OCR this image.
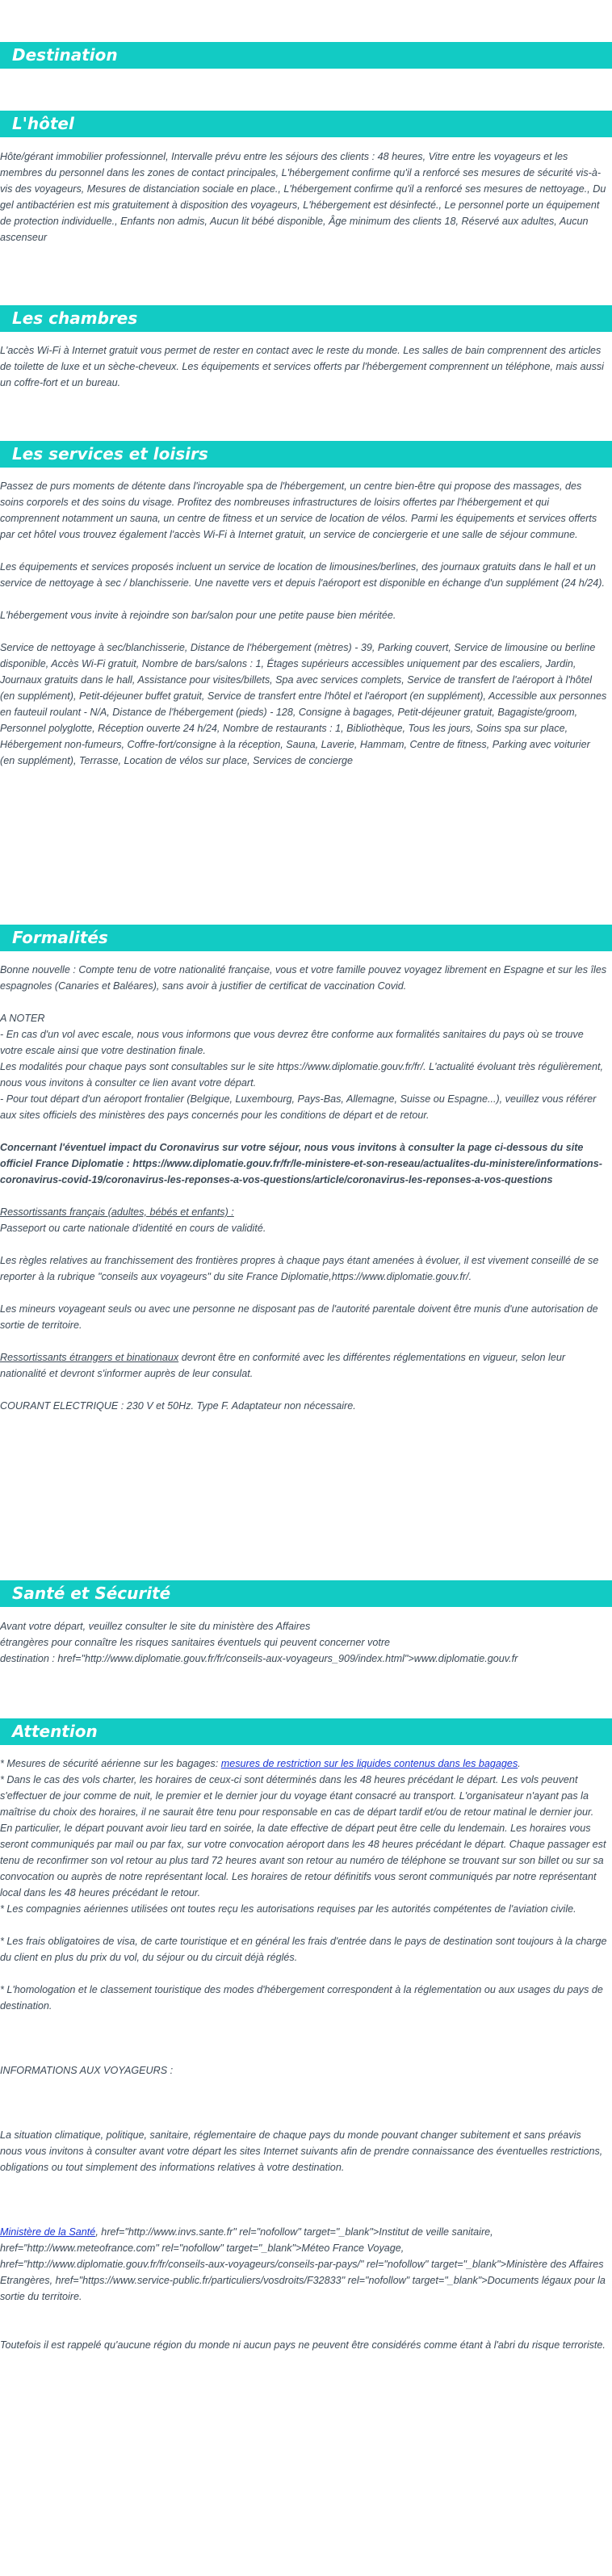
Destination
L'hôtel

Hôte/gérant immobilier professionnel, Intervalle prévu entre les séjours des clients : 48 heures, Vitre entre les voyageurs et les membres du personnel dans les zones de contact principales, L'hébergement confirme qu'il a renforcé ses mesures de sécurité vis-à-vis des voyageurs, Mesures de distanciation sociale en place., L'hébergement confirme qu'il a renforcé ses mesures de nettoyage., Du gel antibactérien est mis gratuitement à disposition des voyageurs, L'hébergement est désinfecté., Le personnel porte un équipement de protection individuelle., Enfants non admis, Aucun lit bébé disponible, Âge minimum des clients 18, Réservé aux adultes, Aucun ascenseur

Les chambres

L'accès Wi-Fi à Internet gratuit vous permet de rester en contact avec le reste du monde. Les salles de bain comprennent des articles de toilette de luxe et un sèche-cheveux. Les équipements et services offerts par l'hébergement comprennent un téléphone, mais aussi un coffre-fort et un bureau.

Les services et loisirs

Passez de purs moments de détente dans l'incroyable spa de l'hébergement, un centre bien-être qui propose des massages, des soins corporels et des soins du visage. Profitez des nombreuses infrastructures de loisirs offertes par l'hébergement et qui comprennent notamment un sauna, un centre de fitness et un service de location de vélos. Parmi les équipements et services offerts par cet hôtel vous trouvez également l'accès Wi-Fi à Internet gratuit, un service de conciergerie et une salle de séjour commune.

Les équipements et services proposés incluent un service de location de limousines/berlines, des journaux gratuits dans le hall et un service de nettoyage à sec / blanchisserie. Une navette vers et depuis l'aéroport est disponible en échange d'un supplément (24 h/24).

L'hébergement vous invite à rejoindre son bar/salon pour une petite pause bien méritée.

Service de nettoyage à sec/blanchisserie, Distance de l'hébergement (mètres) - 39, Parking couvert, Service de limousine ou berline disponible, Accès Wi-Fi gratuit, Nombre de bars/salons : 1, Étages supérieurs accessibles uniquement par des escaliers, Jardin, Journaux gratuits dans le hall, Assistance pour visites/billets, Spa avec services complets, Service de transfert de l'aéroport à l'hôtel (en supplément), Petit-déjeuner buffet gratuit, Service de transfert entre l'hôtel et l'aéroport (en supplément), Accessible aux personnes en fauteuil roulant - N/A, Distance de l'hébergement (pieds) - 128, Consigne à bagages, Petit-déjeuner gratuit, Bagagiste/groom, Personnel polyglotte, Réception ouverte 24 h/24, Nombre de restaurants : 1, Bibliothèque, Tous les jours, Soins spa sur place, Hébergement non-fumeurs, Coffre-fort/consigne à la réception, Sauna, Laverie, Hammam, Centre de fitness, Parking avec voiturier (en supplément), Terrasse, Location de vélos sur place, Services de concierge

Formalités

Bonne nouvelle : Compte tenu de votre nationalité française, vous et votre famille pouvez voyagez librement en Espagne et sur les îles espagnoles (Canaries et Baléares), sans avoir à justifier de certificat de vaccination Covid.

A NOTER

- En cas d'un vol avec escale, nous vous informons que vous devrez être conforme aux formalités sanitaires du pays où se trouve votre escale ainsi que votre destination finale.

Les modalités pour chaque pays sont consultables sur le site https://www.diplomatie.gouv.fr/fr/. L'actualité évoluant très régulièrement, nous vous invitons à consulter ce lien avant votre départ.

- Pour tout départ d'un aéroport frontalier (Belgique, Luxembourg, Pays-Bas, Allemagne, Suisse ou Espagne...), veuillez vous référer aux sites officiels des ministères des pays concernés pour les conditions de départ et de retour.

Concernant l'éventuel impact du Coronavirus sur votre séjour, nous vous invitons à consulter la page ci-dessous du site officiel France Diplomatie : https://www.diplomatie.gouv.fr/fr/le-ministere-et-son-reseau/actualites-du-ministere/informations-coronavirus-covid-19/coronavirus-les-reponses-a-vos-questions/article/coronavirus-les-reponses-a-vos-questions

Ressortissants français (adultes, bébés et enfants) :

Passeport ou carte nationale d'identité en cours de validité.

Les règles relatives au franchissement des frontières propres à chaque pays étant amenées à évoluer, il est vivement conseillé de se reporter à la rubrique "conseils aux voyageurs" du site France Diplomatie,https://www.diplomatie.gouv.fr/.

Les mineurs voyageant seuls ou avec une personne ne disposant pas de l'autorité parentale doivent être munis d'une autorisation de sortie de territoire.

Ressortissants étrangers et binationaux devront être en conformité avec les différentes réglementations en vigueur, selon leur nationalité et devront s'informer auprès de leur consulat.

COURANT ELECTRIQUE : 230 V et 50Hz. Type F. Adaptateur non nécessaire.

Santé et Sécurité

Avant votre départ, veuillez consulter le site du ministère des Affaires

étrangères pour connaître les risques sanitaires éventuels qui peuvent concerner votre

destination : href="http://www.diplomatie.gouv.fr/fr/conseils-aux-voyageurs_909/index.html">www.diplomatie.gouv.fr

Attention

* Mesures de sécurité aérienne sur les bagages: mesures de restriction sur les liquides contenus dans les bagages.

* Dans le cas des vols charter, les horaires de ceux-ci sont déterminés dans les 48 heures précédant le départ. Les vols peuvent s'effectuer de jour comme de nuit, le premier et le dernier jour du voyage étant consacré au transport. L'organisateur n'ayant pas la maîtrise du choix des horaires, il ne saurait être tenu pour responsable en cas de départ tardif et/ou de retour matinal le dernier jour. En particulier, le départ pouvant avoir lieu tard en soirée, la date effective de départ peut être celle du lendemain. Les horaires vous seront communiqués par mail ou par fax, sur votre convocation aéroport dans les 48 heures précédant le départ. Chaque passager est tenu de reconfirmer son vol retour au plus tard 72 heures avant son retour au numéro de téléphone se trouvant sur son billet ou sur sa convocation ou auprès de notre représentant local. Les horaires de retour définitifs vous seront communiqués par notre représentant local dans les 48 heures précédant le retour.

* Les compagnies aériennes utilisées ont toutes reçu les autorisations requises par les autorités compétentes de l'aviation civile.

* Les frais obligatoires de visa, de carte touristique et en général les frais d'entrée dans le pays de destination sont toujours à la charge du client en plus du prix du vol, du séjour ou du circuit déjà réglés.

* L'homologation et le classement touristique des modes d'hébergement correspondent à la réglementation ou aux usages du pays de destination.

INFORMATIONS AUX VOYAGEURS :

La situation climatique, politique, sanitaire, réglementaire de chaque pays du monde pouvant changer subitement et sans préavis

nous vous invitons à consulter avant votre départ les sites Internet suivants afin de prendre connaissance des éventuelles restrictions, obligations ou tout simplement des informations relatives à votre destination.

Ministère de la Santé, href="http://www.invs.sante.fr" rel="nofollow" target="_blank">Institut de veille sanitaire, href="http://www.meteofrance.com" rel="nofollow" target="_blank">Méteo France Voyage, href="http://www.diplomatie.gouv.fr/fr/conseils-aux-voyageurs/conseils-par-pays/" rel="nofollow" target="_blank">Ministère des Affaires Etrangères, href="https://www.service-public.fr/particuliers/vosdroits/F32833" rel="nofollow" target="_blank">Documents légaux pour la sortie du territoire.

Toutefois il est rappelé qu'aucune région du monde ni aucun pays ne peuvent être considérés comme étant à l'abri du risque terroriste.
